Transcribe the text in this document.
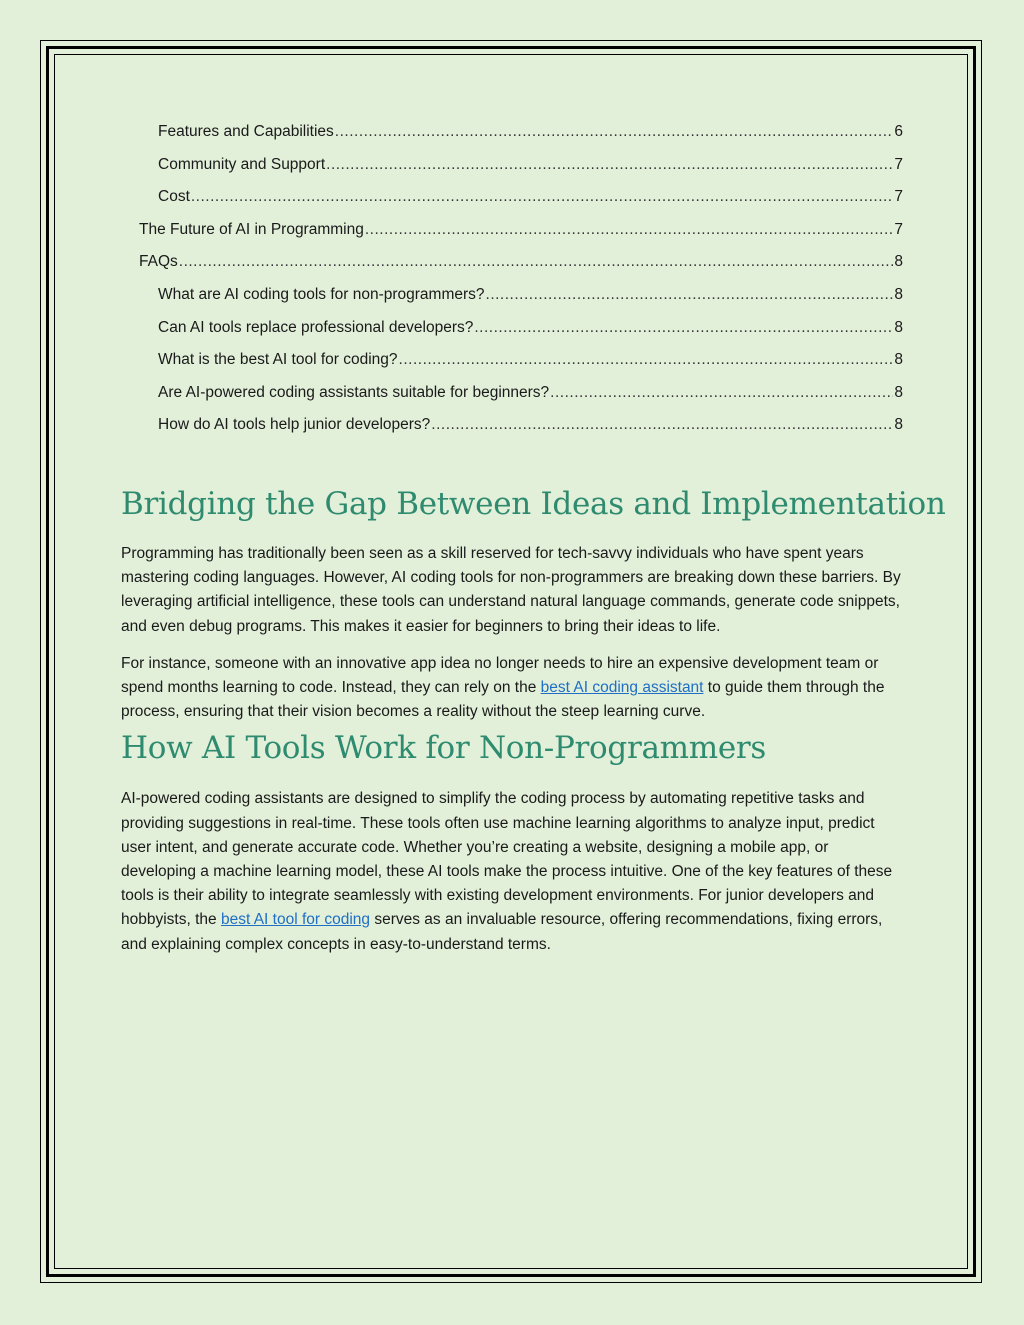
Features and Capabilities .....	6
Community and Support .....	7
Cost .....	7
The Future of AI in Programming .....	7
FAQs .....	8
What are AI coding tools for non-programmers? .....	8
Can AI tools replace professional developers? .....	8
What is the best AI tool for coding? .....	8
Are AI-powered coding assistants suitable for beginners? .....	8
How do AI tools help junior developers? .....	8
Bridging the Gap Between Ideas and Implementation

Programming has traditionally been seen as a skill reserved for tech-savvy individuals who have spent years mastering coding languages. However, AI coding tools for non-programmers are breaking down these barriers. By leveraging artificial intelligence, these tools can understand natural language commands, generate code snippets, and even debug programs. This makes it easier for beginners to bring their ideas to life.

For instance, someone with an innovative app idea no longer needs to hire an expensive development team or spend months learning to code. Instead, they can rely on the best AI coding assistant to guide them through the process, ensuring that their vision becomes a reality without the steep learning curve.

How AI Tools Work for Non-Programmers

AI-powered coding assistants are designed to simplify the coding process by automating repetitive tasks and providing suggestions in real-time. These tools often use machine learning algorithms to analyze input, predict user intent, and generate accurate code. Whether you’re creating a website, designing a mobile app, or developing a machine learning model, these AI tools make the process intuitive. One of the key features of these tools is their ability to integrate seamlessly with existing development environments. For junior developers and hobbyists, the best AI tool for coding serves as an invaluable resource, offering recommendations, fixing errors, and explaining complex concepts in easy-to-understand terms.
